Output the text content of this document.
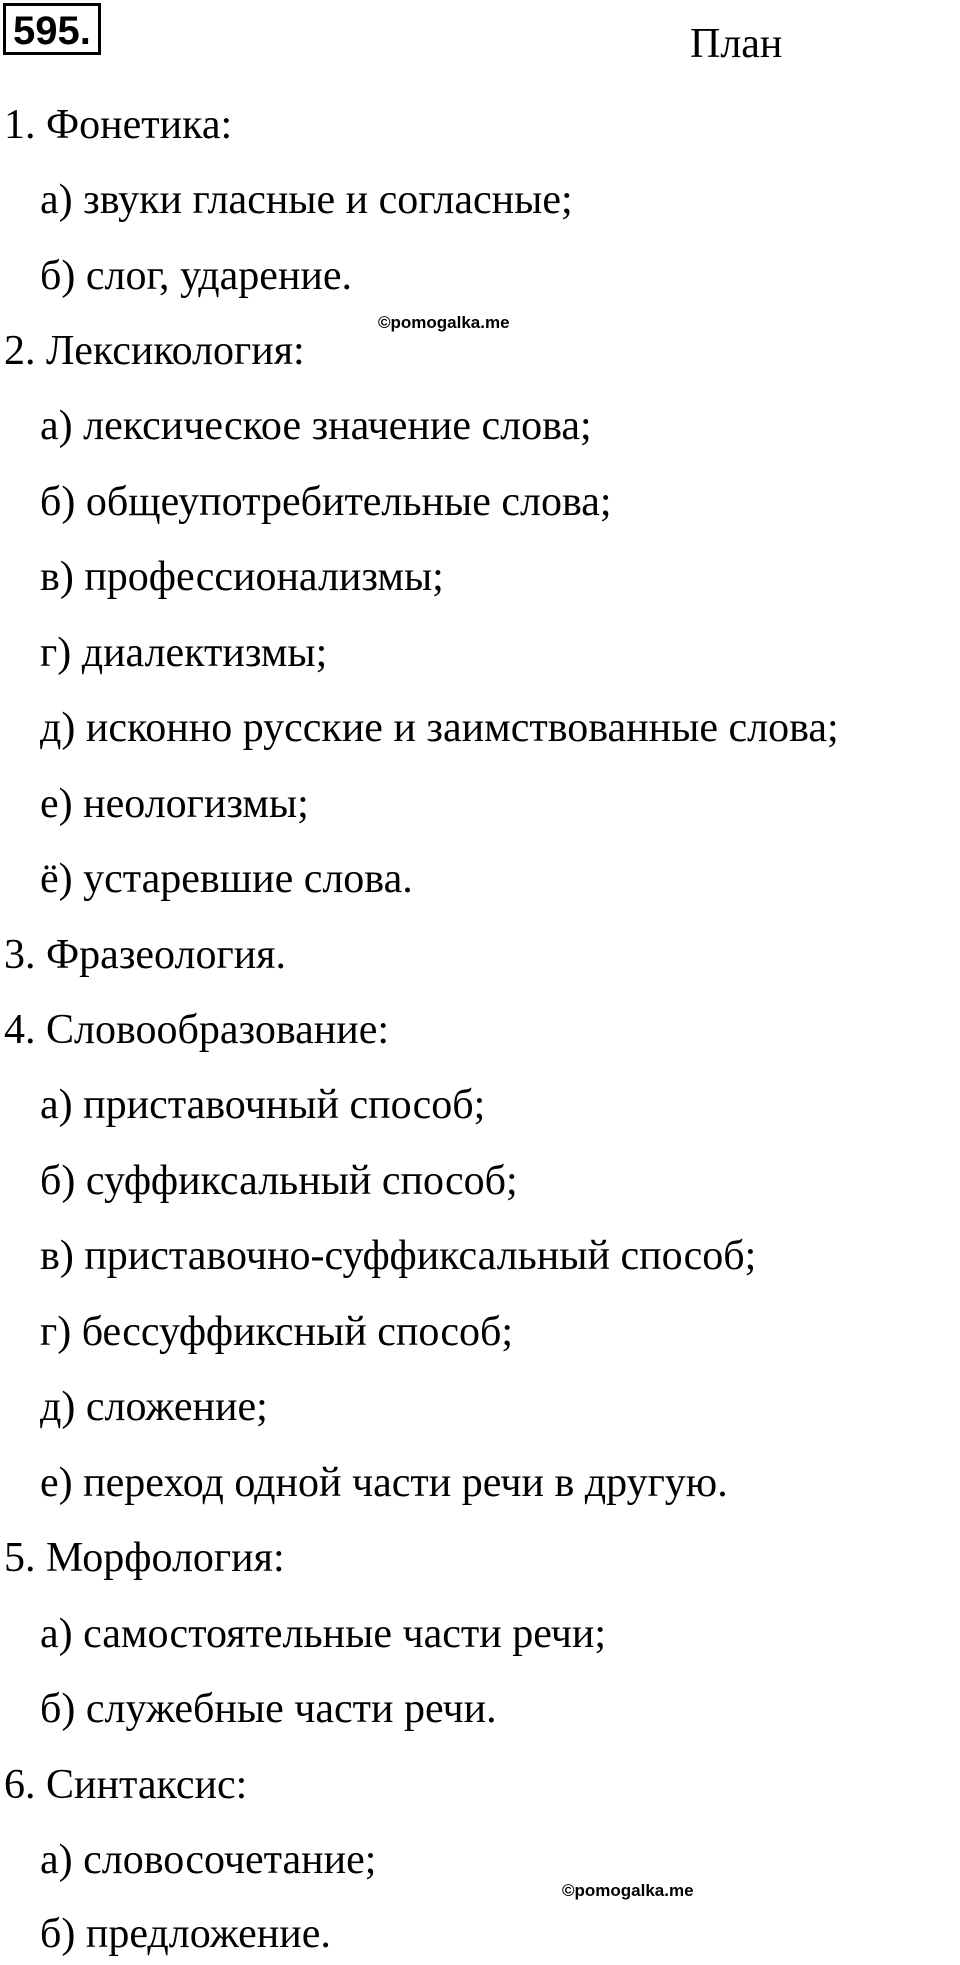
595.	План
1. Фонетика:
а) звуки гласные и согласные;
б) слог, ударение.
2. Лексикология:
а) лексическое значение слова;
б) общеупотребительные слова;
в) профессионализмы;
г) диалектизмы;
д) исконно русские и заимствованные слова;
е) неологизмы;
ё) устаревшие слова.
3. Фразеология.
4. Словообразование:
а) приставочный способ;
б) суффиксальный способ;
в) приставочно-суффиксальный способ;
г) бессуффиксный способ;
д) сложение;
е) переход одной части речи в другую.
5. Морфология:
а) самостоятельные части речи;
б) служебные части речи.
6. Синтаксис:
а) словосочетание;
б) предложение.
©pomogalka.me
©pomogalka.me
